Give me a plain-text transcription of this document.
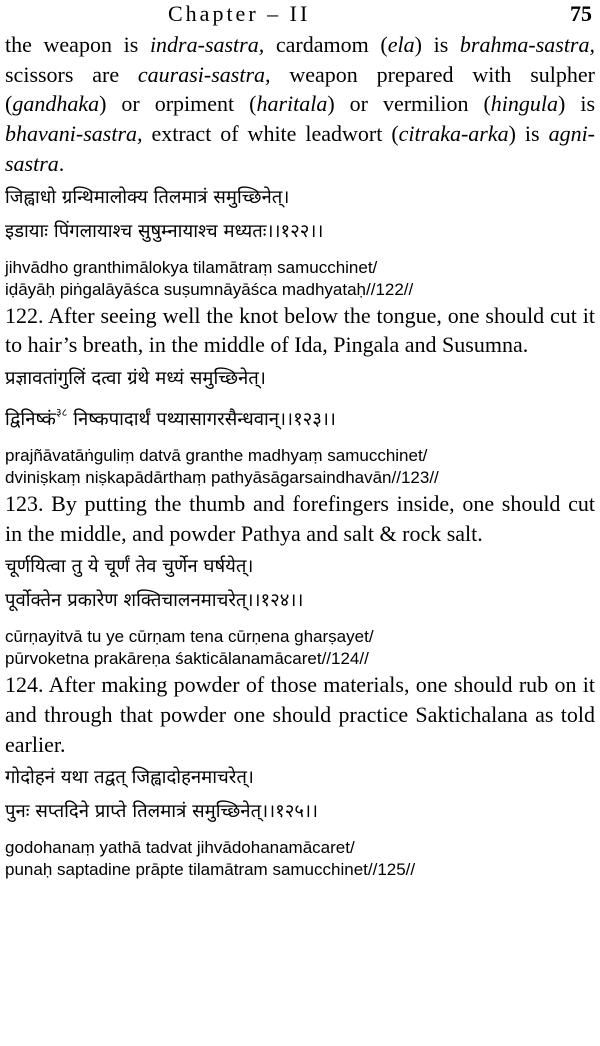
Chapter – II	75

the weapon is indra-sastra, cardamom (ela) is brahma-sastra, scissors are caurasi-sastra, weapon prepared with sulpher (gandhaka) or orpiment (haritala) or vermilion (hingula) is bhavani-sastra, extract of white leadwort (citraka-arka) is agni-sastra.

जिह्वाधो ग्रन्थिमालोक्य तिलमात्रं समुच्छिनेत्।

इडायाः पिंगलायाश्च सुषुम्नायाश्च मध्यतः।।१२२।।

jihvādho granthimālokya tilamātraṃ samucchinet/

iḍāyāḥ piṅgalāyāśca suṣumnāyāśca madhyataḥ//122//

122. After seeing well the knot below the tongue, one should cut it to hair’s breath, in the middle of Ida, Pingala and Susumna.

प्रज्ञावतांगुलिं दत्वा ग्रंथे मध्यं समुच्छिनेत्।

द्विनिष्कं$^{३८}$ निष्कपादार्थं पथ्यासागरसैन्धवान्।।१२३।।

prajñāvatāṅguliṃ datvā granthe madhyaṃ samucchinet/

dviniṣkaṃ niṣkapādārthaṃ pathyāsāgarsaindhavān//123//

123. By putting the thumb and forefingers inside, one should cut in the middle, and powder Pathya and salt & rock salt.

चूर्णयित्वा तु ये चूर्णं तेव चुर्णेन घर्षयेत्।

पूर्वोक्तेन प्रकारेण शक्तिचालनमाचरेत्।।१२४।।

cūrṇayitvā tu ye cūrṇam tena cūrṇena gharṣayet/

pūrvoketna prakāreṇa śakticālanamācaret//124//

124. After making powder of those materials, one should rub on it and through that powder one should practice Saktichalana as told earlier.

गोदोहनं यथा तद्वत् जिह्वादोहनमाचरेत्।

पुनः सप्तदिने प्राप्ते तिलमात्रं समुच्छिनेत्।।१२५।।

godohanaṃ yathā tadvat jihvādohanamācaret/

punaḥ saptadine prāpte tilamātram samucchinet//125//
